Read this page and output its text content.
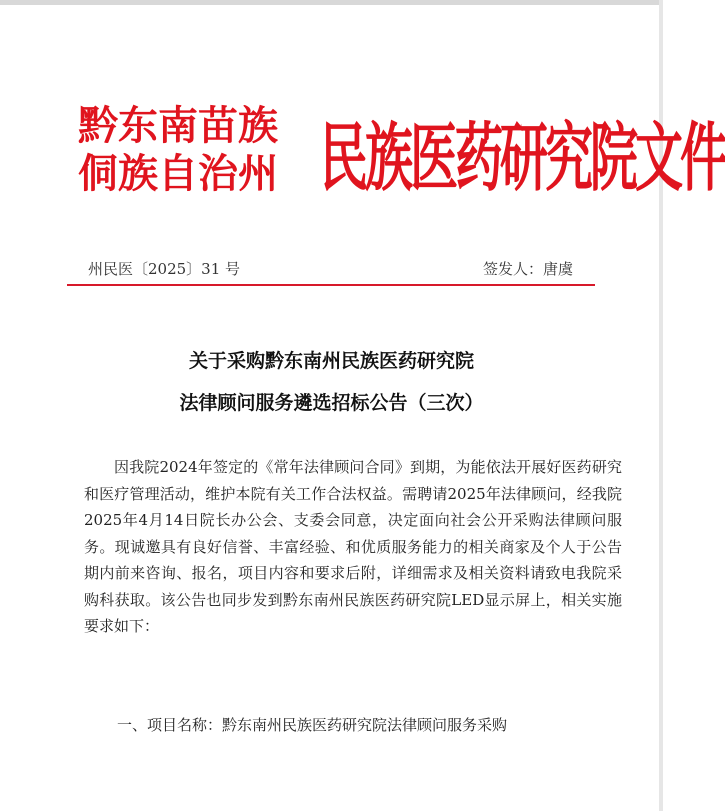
黔东南苗族
侗族自治州 民族医药研究院文件
州民医〔2025〕31 号	签发人：唐虞
关于采购黔东南州民族医药研究院
法律顾问服务遴选招标公告（三次）

因我院2024年签定的《常年法律顾问合同》到期，为能依法开展好医药研究和医疗管理活动，维护本院有关工作合法权益。需聘请2025年法律顾问，经我院2025年4月14日院长办公会、支委会同意，决定面向社会公开采购法律顾问服务。现诚邀具有良好信誉、丰富经验、和优质服务能力的相关商家及个人于公告期内前来咨询、报名，项目内容和要求后附，详细需求及相关资料请致电我院采购科获取。该公告也同步发到黔东南州民族医药研究院LED显示屏上，相关实施要求如下：

一、项目名称：黔东南州民族医药研究院法律顾问服务采购
